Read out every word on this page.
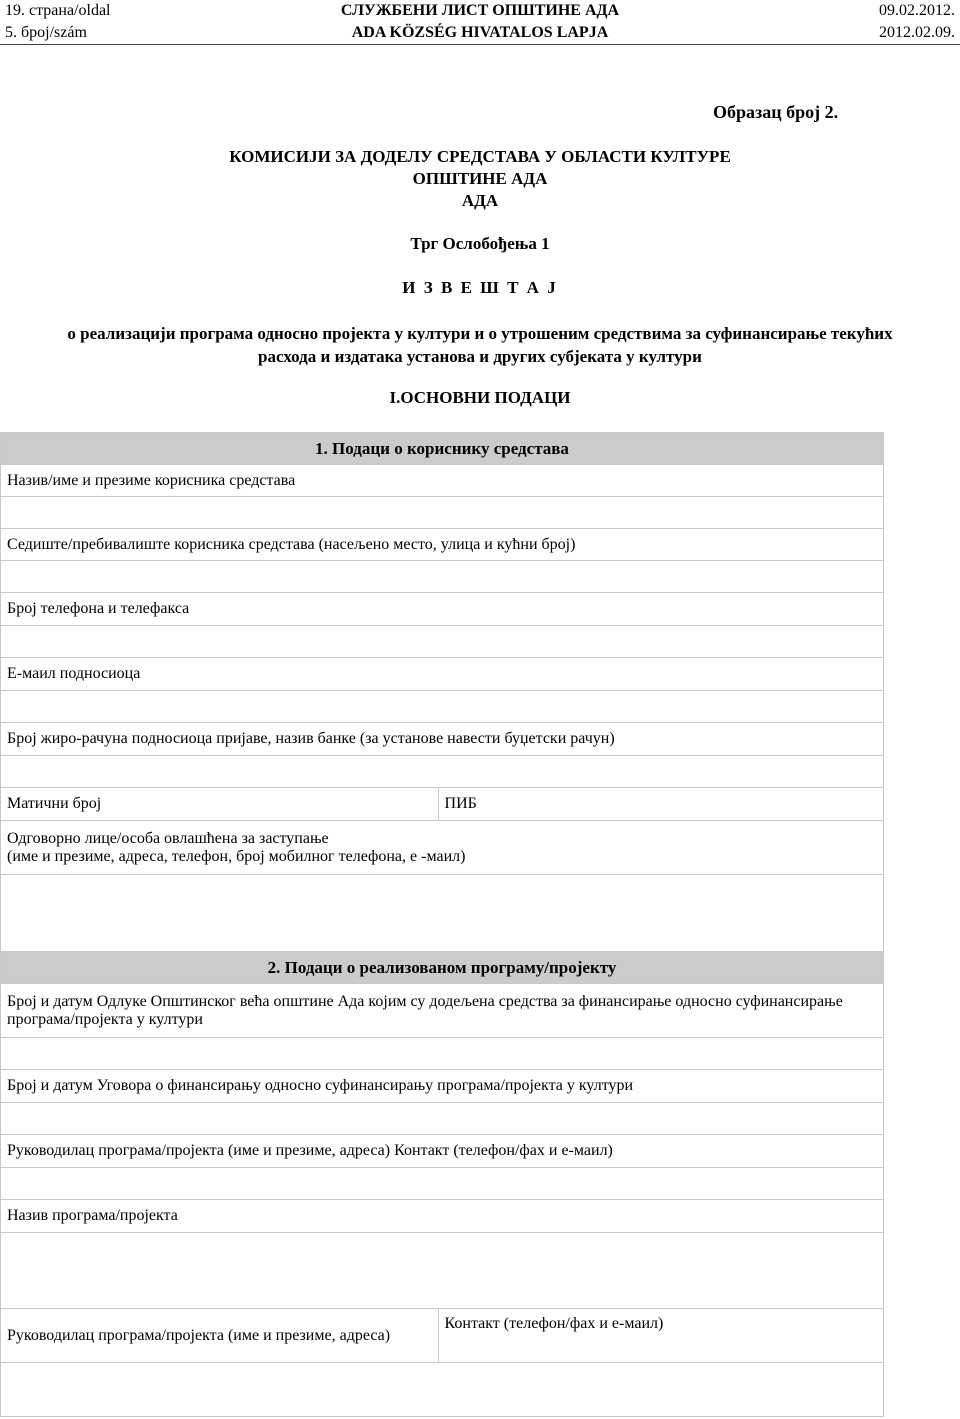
19. страна/oldal
5. број/szám
СЛУЖБЕНИ ЛИСТ ОПШТИНЕ АДА
ADA KÖZSÉG HIVATALOS LAPJA
09.02.2012.
2012.02.09.
Образац број 2.
КОМИСИЈИ ЗА ДОДЕЛУ СРЕДСТАВА У ОБЛАСТИ КУЛТУРЕ
ОПШТИНЕ АДА
АДА
Трг Ослобођења 1
И З В Е Ш Т А Ј
о реализацији програма односно пројекта у култури и о утрошеним средствима за суфинансирање текућих
расхода и издатака установа и других субјеката у култури
I.ОСНОВНИ ПОДАЦИ
1. Подаци о кориснику средстава	
Назив/име и презиме корисника средстава	

Седиште/пребивалиште корисника средстава (насељено место, улица и кућни број)	

Број телефона и телефакса	

Е-маил подносиоца	

Број жиро-рачуна подносиоца пријаве, назив банке (за установе навести буџетски рачун)	

Матични број	ПИБ

Одговорно лице/особа овлашћена за заступање
(име и презиме, адреса, телефон, број мобилног телефона, е -маил)	

2. Подаци о реализованом програму/пројекту	
Број и датум Одлуке Општинског већа општине Ада којим су додељена средства за финансирање односно суфинансирање програма/пројекта у култури	

Број и датум Уговора о финансирању односно суфинансирању програма/пројекта у култури	

Руководилац програма/пројекта (име и презиме, адреса) Контакт (телефон/фах и е-маил)	

Назив програма/пројекта	

Руководилац програма/пројекта (име и презиме, адреса)	Контакт (телефон/фах и е-маил)
